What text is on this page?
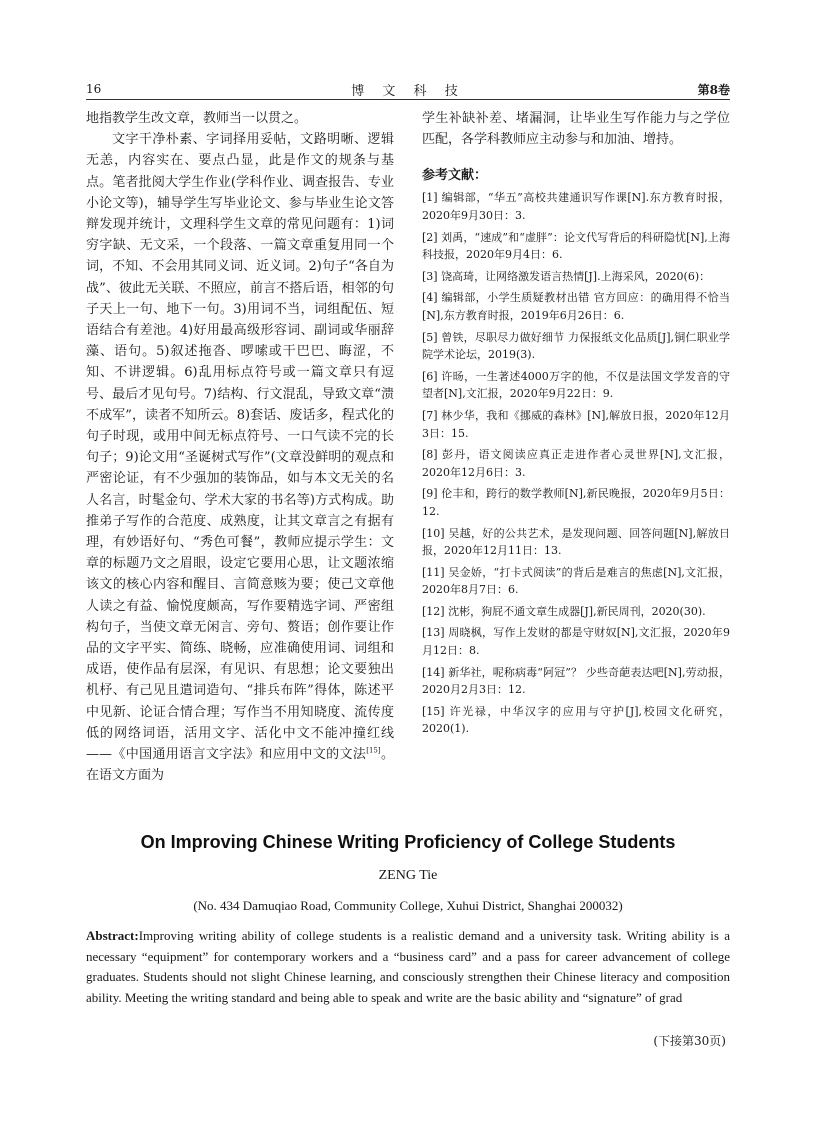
16	博 文 科 技	第8卷

地指教学生改文章，教师当一以贯之。

文字干净朴素、字词择用妥帖，文路明晰、逻辑无恙，内容实在、要点凸显，此是作文的规条与基点。笔者批阅大学生作业(学科作业、调查报告、专业小论文等)，辅导学生写毕业论文、参与毕业生论文答辩发现并统计，文理科学生文章的常见问题有：1)词穷字缺、无文采，一个段落、一篇文章重复用同一个词，不知、不会用其同义词、近义词。2)句子“各自为战”、彼此无关联、不照应，前言不搭后语，相邻的句子天上一句、地下一句。3)用词不当，词组配伍、短语结合有差池。4)好用最高级形容词、副词或华丽辞藻、语句。5)叙述拖沓、啰嗦或干巴巴、晦涩，不知、不讲逻辑。6)乱用标点符号或一篇文章只有逗号、最后才见句号。7)结构、行文混乱，导致文章“溃不成军”，读者不知所云。8)套话、废话多，程式化的句子时现，或用中间无标点符号、一口气读不完的长句子；9)论文用“圣诞树式写作”(文章没鲜明的观点和严密论证，有不少强加的装饰品，如与本文无关的名人名言，时髦金句、学术大家的书名等)方式构成。助推弟子写作的合范度、成熟度，让其文章言之有据有理，有妙语好句、“秀色可餐”，教师应提示学生：文章的标题乃文之眉眼，设定它要用心思，让文题浓缩该文的核心内容和醒目、言简意赅为要；使己文章他人读之有益、愉悦度颇高，写作要精选字词、严密组构句子，当使文章无闲言、旁句、赘语；创作要让作品的文字平实、简练、晓畅，应准确使用词、词组和成语，使作品有层深，有见识、有思想；论文要独出机杼、有己见且遣词造句、“排兵布阵”得体，陈述平中见新、论证合情合理；写作当不用知晓度、流传度低的网络词语，活用文字、活化中文不能冲撞红线——《中国通用语言文字法》和应用中文的文法[15]。在语文方面为

学生补缺补差、堵漏洞，让毕业生写作能力与之学位匹配，各学科教师应主动参与和加油、增持。

参考文献：

[1] 编辑部，“华五”高校共建通识写作课[N].东方教育时报，2020年9月30日：3.

[2] 刘禹，“速成”和“虚胖”：论文代写背后的科研隐忧[N],上海科技报，2020年9月4日：6.

[3] 饶高琦，让网络激发语言热情[J].上海采风，2020(6)：

[4] 编辑部，小学生质疑教材出错 官方回应：的确用得不恰当[N],东方教育时报，2019年6月26日：6.

[5] 曾铁，尽职尽力做好细节 力保报纸文化品质[J],铜仁职业学院学术论坛，2019(3).

[6] 许旸，一生著述4000万字的他，不仅是法国文学发音的守望者[N],文汇报，2020年9月22日：9.

[7] 林少华，我和《挪威的森林》[N],解放日报，2020年12月3日：15.

[8] 彭丹，语文阅读应真正走进作者心灵世界[N],文汇报，2020年12月6日：3.

[9] 伦丰和，跨行的数学教师[N],新民晚报，2020年9月5日：12.

[10] 吴越，好的公共艺术，是发现问题、回答问题[N],解放日报，2020年12月11日：13.

[11] 吴金娇，“打卡式阅读”的背后是难言的焦虑[N],文汇报，2020年8月7日：6.

[12] 沈彬，狗屁不通文章生成器[J],新民周刊，2020(30).

[13] 周晓枫，写作上发财的都是守财奴[N],文汇报，2020年9月12日：8.

[14] 新华社，呢称病毒“阿冠”？ 少些奇葩表达吧[N],劳动报，2020月2月3日：12.

[15] 许光禄，中华汉字的应用与守护[J],校园文化研究，2020(1).

On Improving Chinese Writing Proficiency of College Students
ZENG Tie
(No. 434 Damuqiao Road, Community College, Xuhui District, Shanghai 200032)
Abstract:Improving writing ability of college students is a realistic demand and a university task. Writing ability is a necessary “equipment” for contemporary workers and a “business card” and a pass for career advancement of college graduates. Students should not slight Chinese learning, and consciously strengthen their Chinese literacy and composition ability. Meeting the writing standard and being able to speak and write are the basic ability and “signature” of grad
(下接第30页)
